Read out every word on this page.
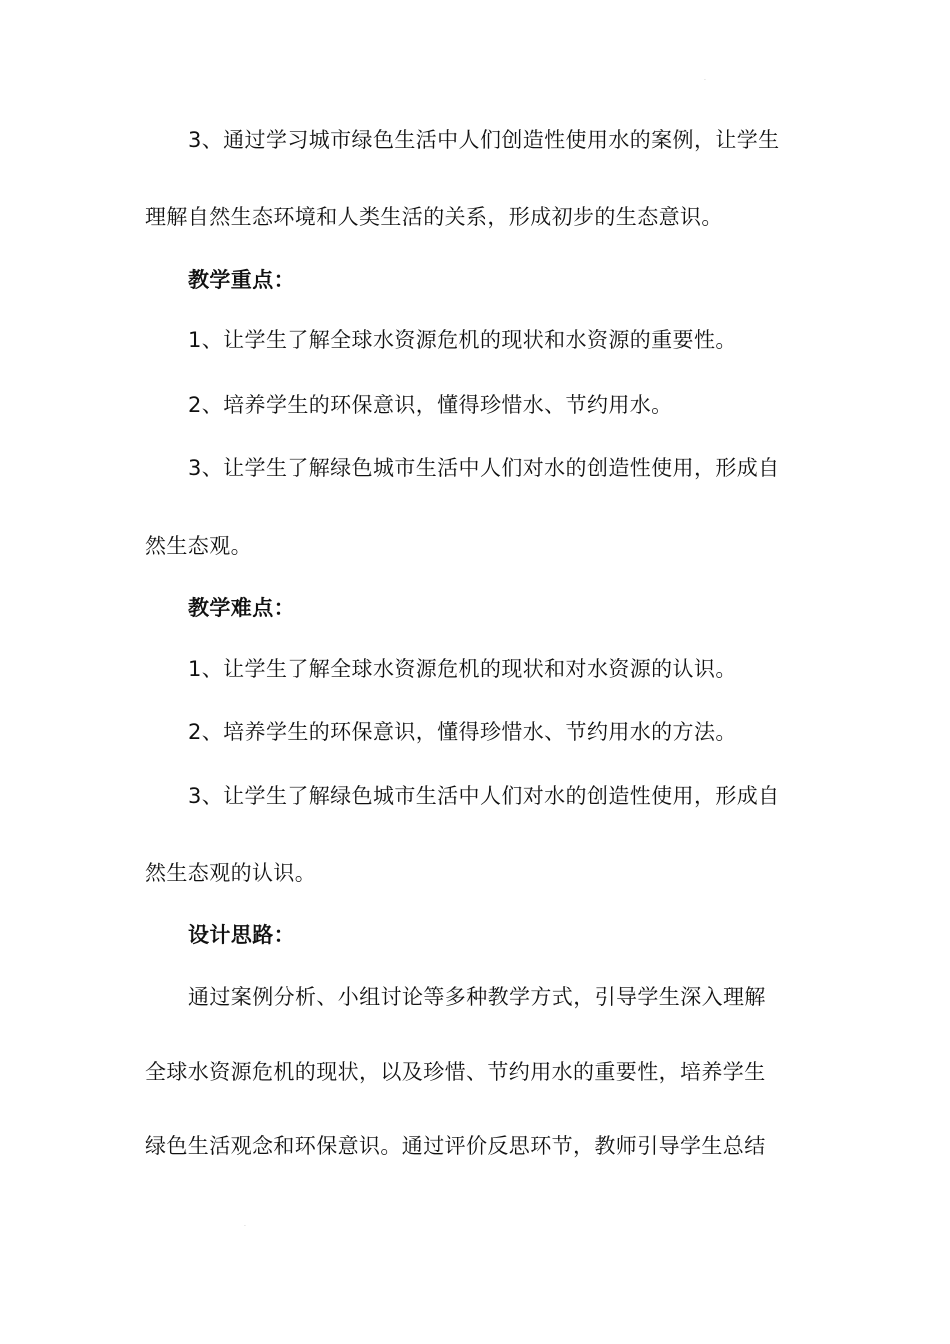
.
3、通过学习城市绿色生活中人们创造性使用水的案例，让学生
理解自然生态环境和人类生活的关系，形成初步的生态意识。
教学重点：
1、让学生了解全球水资源危机的现状和水资源的重要性。
2、培养学生的环保意识，懂得珍惜水、节约用水。
3、让学生了解绿色城市生活中人们对水的创造性使用，形成自
然生态观。
教学难点：
1、让学生了解全球水资源危机的现状和对水资源的认识。
2、培养学生的环保意识，懂得珍惜水、节约用水的方法。
3、让学生了解绿色城市生活中人们对水的创造性使用，形成自
然生态观的认识。
设计思路：
通过案例分析、小组讨论等多种教学方式，引导学生深入理解
全球水资源危机的现状，以及珍惜、节约用水的重要性，培养学生
绿色生活观念和环保意识。通过评价反思环节，教师引导学生总结
.
